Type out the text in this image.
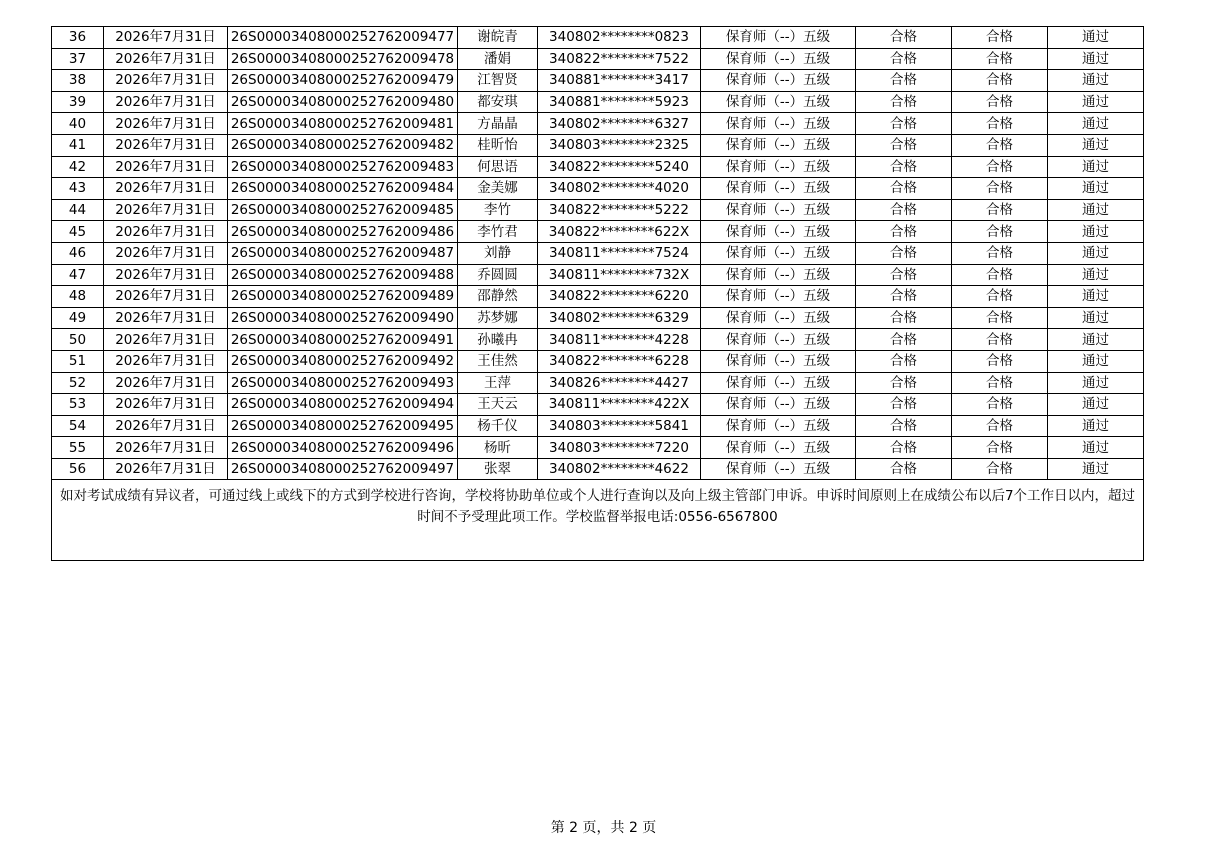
36	2026年7月31日	26S00003408000252762009477	谢皖青	340802********0823	保育师（--）五级	合格	合格	通过
37	2026年7月31日	26S00003408000252762009478	潘娟	340822********7522	保育师（--）五级	合格	合格	通过
38	2026年7月31日	26S00003408000252762009479	江智贤	340881********3417	保育师（--）五级	合格	合格	通过
39	2026年7月31日	26S00003408000252762009480	都安琪	340881********5923	保育师（--）五级	合格	合格	通过
40	2026年7月31日	26S00003408000252762009481	方晶晶	340802********6327	保育师（--）五级	合格	合格	通过
41	2026年7月31日	26S00003408000252762009482	桂昕怡	340803********2325	保育师（--）五级	合格	合格	通过
42	2026年7月31日	26S00003408000252762009483	何思语	340822********5240	保育师（--）五级	合格	合格	通过
43	2026年7月31日	26S00003408000252762009484	金美娜	340802********4020	保育师（--）五级	合格	合格	通过
44	2026年7月31日	26S00003408000252762009485	李竹	340822********5222	保育师（--）五级	合格	合格	通过
45	2026年7月31日	26S00003408000252762009486	李竹君	340822********622X	保育师（--）五级	合格	合格	通过
46	2026年7月31日	26S00003408000252762009487	刘静	340811********7524	保育师（--）五级	合格	合格	通过
47	2026年7月31日	26S00003408000252762009488	乔圆圆	340811********732X	保育师（--）五级	合格	合格	通过
48	2026年7月31日	26S00003408000252762009489	邵静然	340822********6220	保育师（--）五级	合格	合格	通过
49	2026年7月31日	26S00003408000252762009490	苏梦娜	340802********6329	保育师（--）五级	合格	合格	通过
50	2026年7月31日	26S00003408000252762009491	孙曦冉	340811********4228	保育师（--）五级	合格	合格	通过
51	2026年7月31日	26S00003408000252762009492	王佳然	340822********6228	保育师（--）五级	合格	合格	通过
52	2026年7月31日	26S00003408000252762009493	王萍	340826********4427	保育师（--）五级	合格	合格	通过
53	2026年7月31日	26S00003408000252762009494	王天云	340811********422X	保育师（--）五级	合格	合格	通过
54	2026年7月31日	26S00003408000252762009495	杨千仪	340803********5841	保育师（--）五级	合格	合格	通过
55	2026年7月31日	26S00003408000252762009496	杨昕	340803********7220	保育师（--）五级	合格	合格	通过
56	2026年7月31日	26S00003408000252762009497	张翠	340802********4622	保育师（--）五级	合格	合格	通过
如对考试成绩有异议者，可通过线上或线下的方式到学校进行咨询，学校将协助单位或个人进行查询以及向上级主管部门申诉。申诉时间原则上在成绩公布以后7个工作日以内，超过时间不予受理此项工作。学校监督举报电话:0556-6567800								
第 2 页，共 2 页
